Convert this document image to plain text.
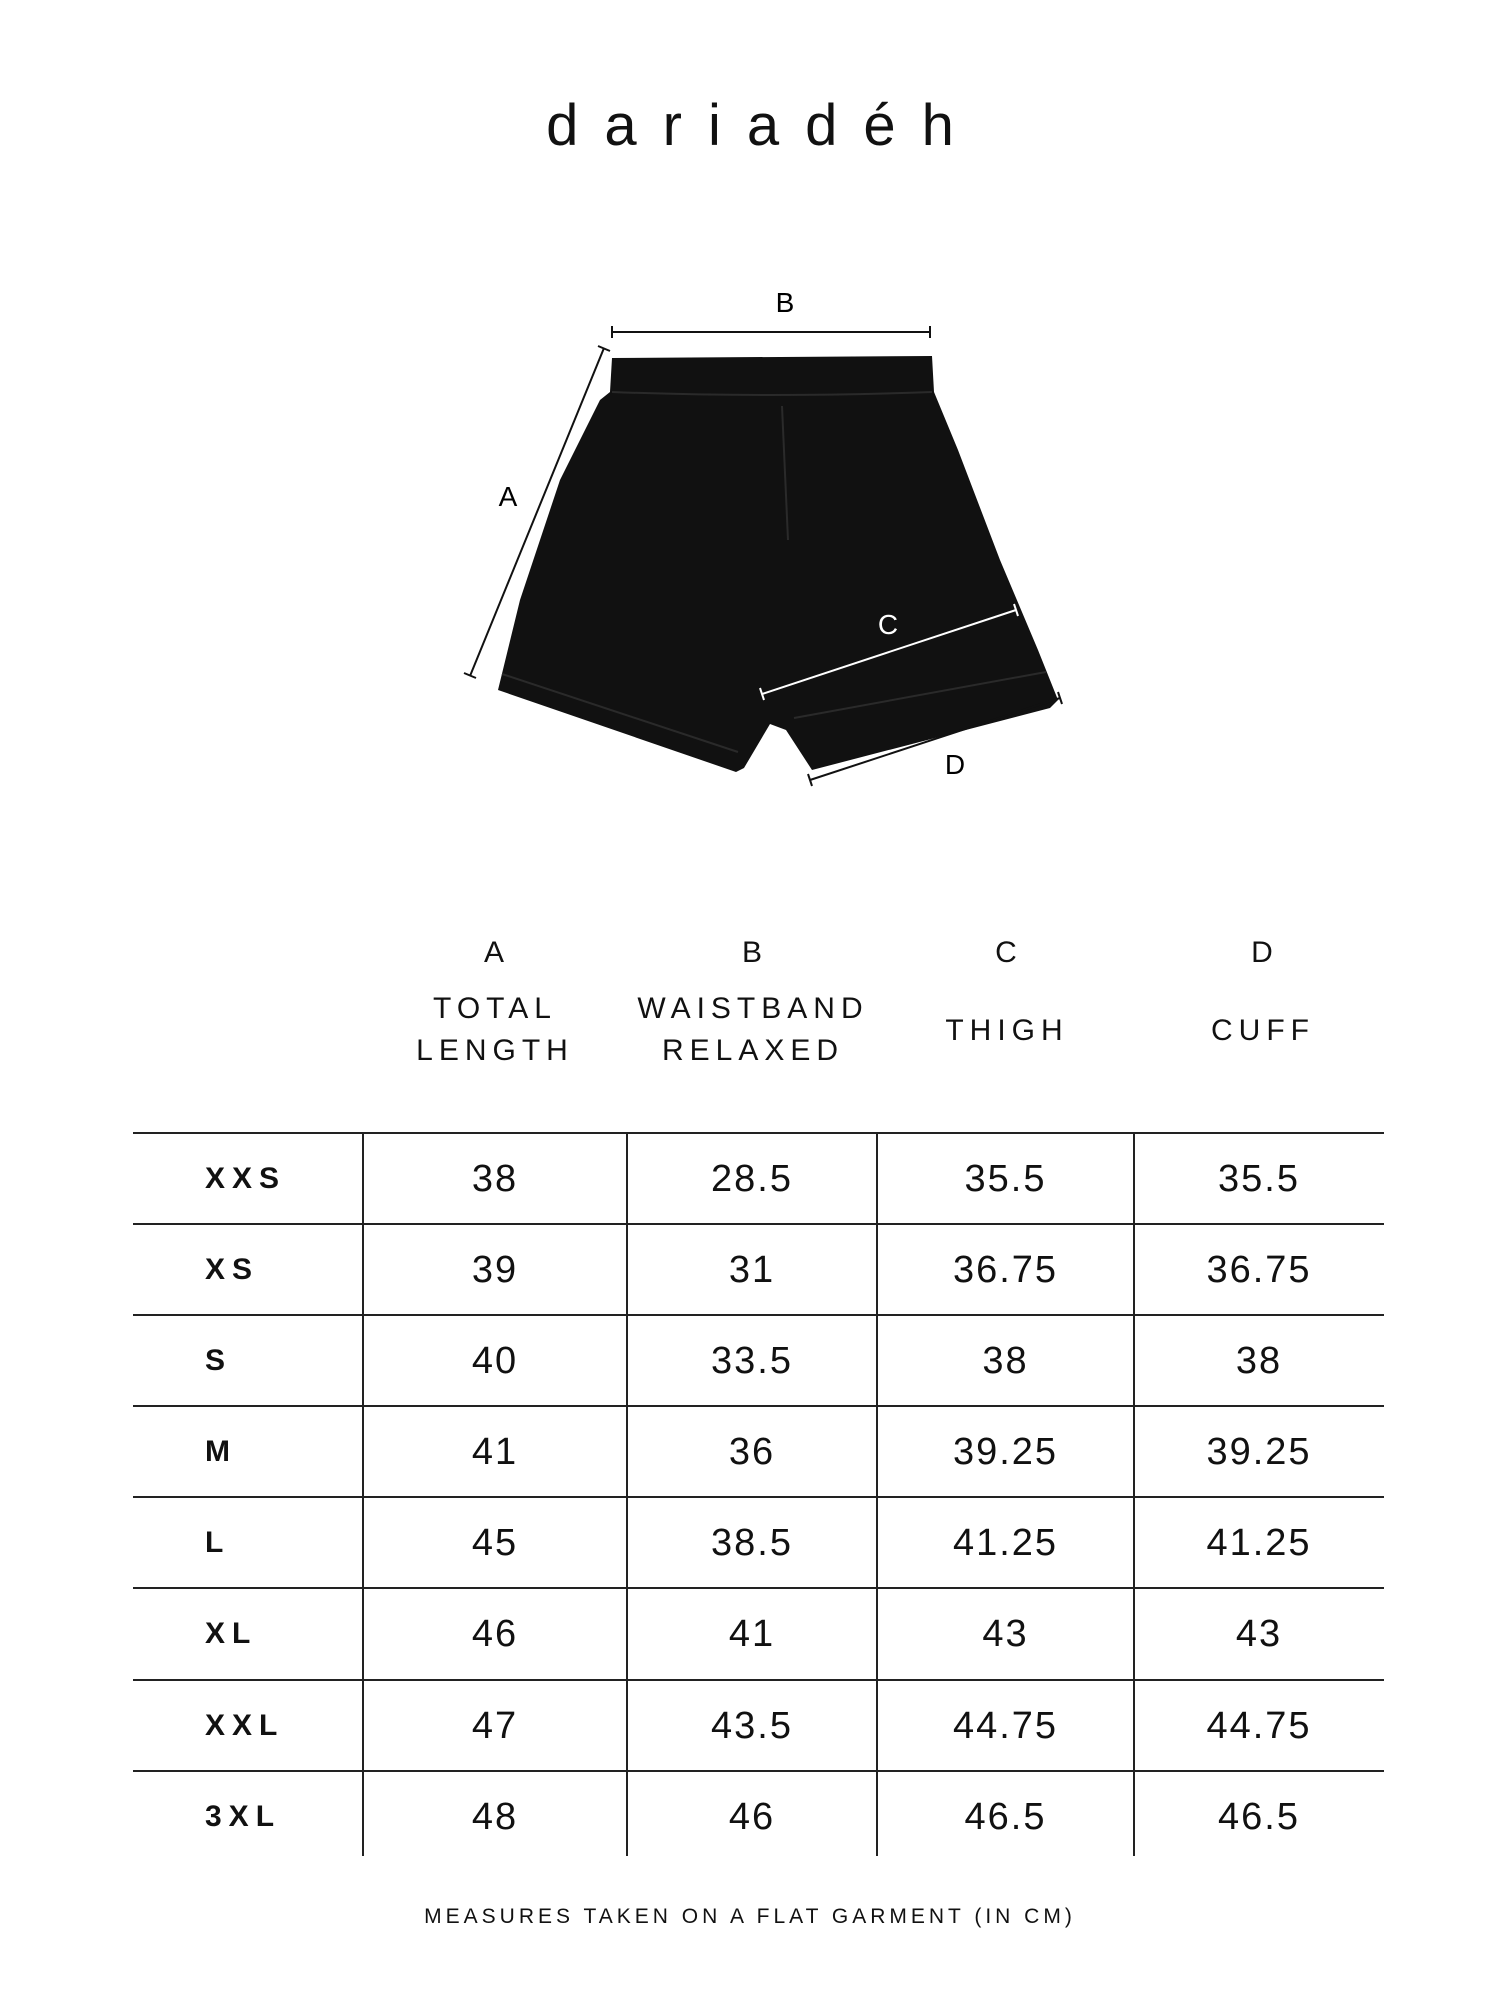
dariadéh
A
B
C
D
A
TOTAL
LENGTH
B
WAISTBAND
RELAXED
C
THIGH
D
CUFF
XXS	38	28.5	35.5	35.5
XS	39	31	36.75	36.75
S	40	33.5	38	38
M	41	36	39.25	39.25
L	45	38.5	41.25	41.25
XL	46	41	43	43
XXL	47	43.5	44.75	44.75
3XL	48	46	46.5	46.5
MEASURES TAKEN ON A FLAT GARMENT (IN CM)
